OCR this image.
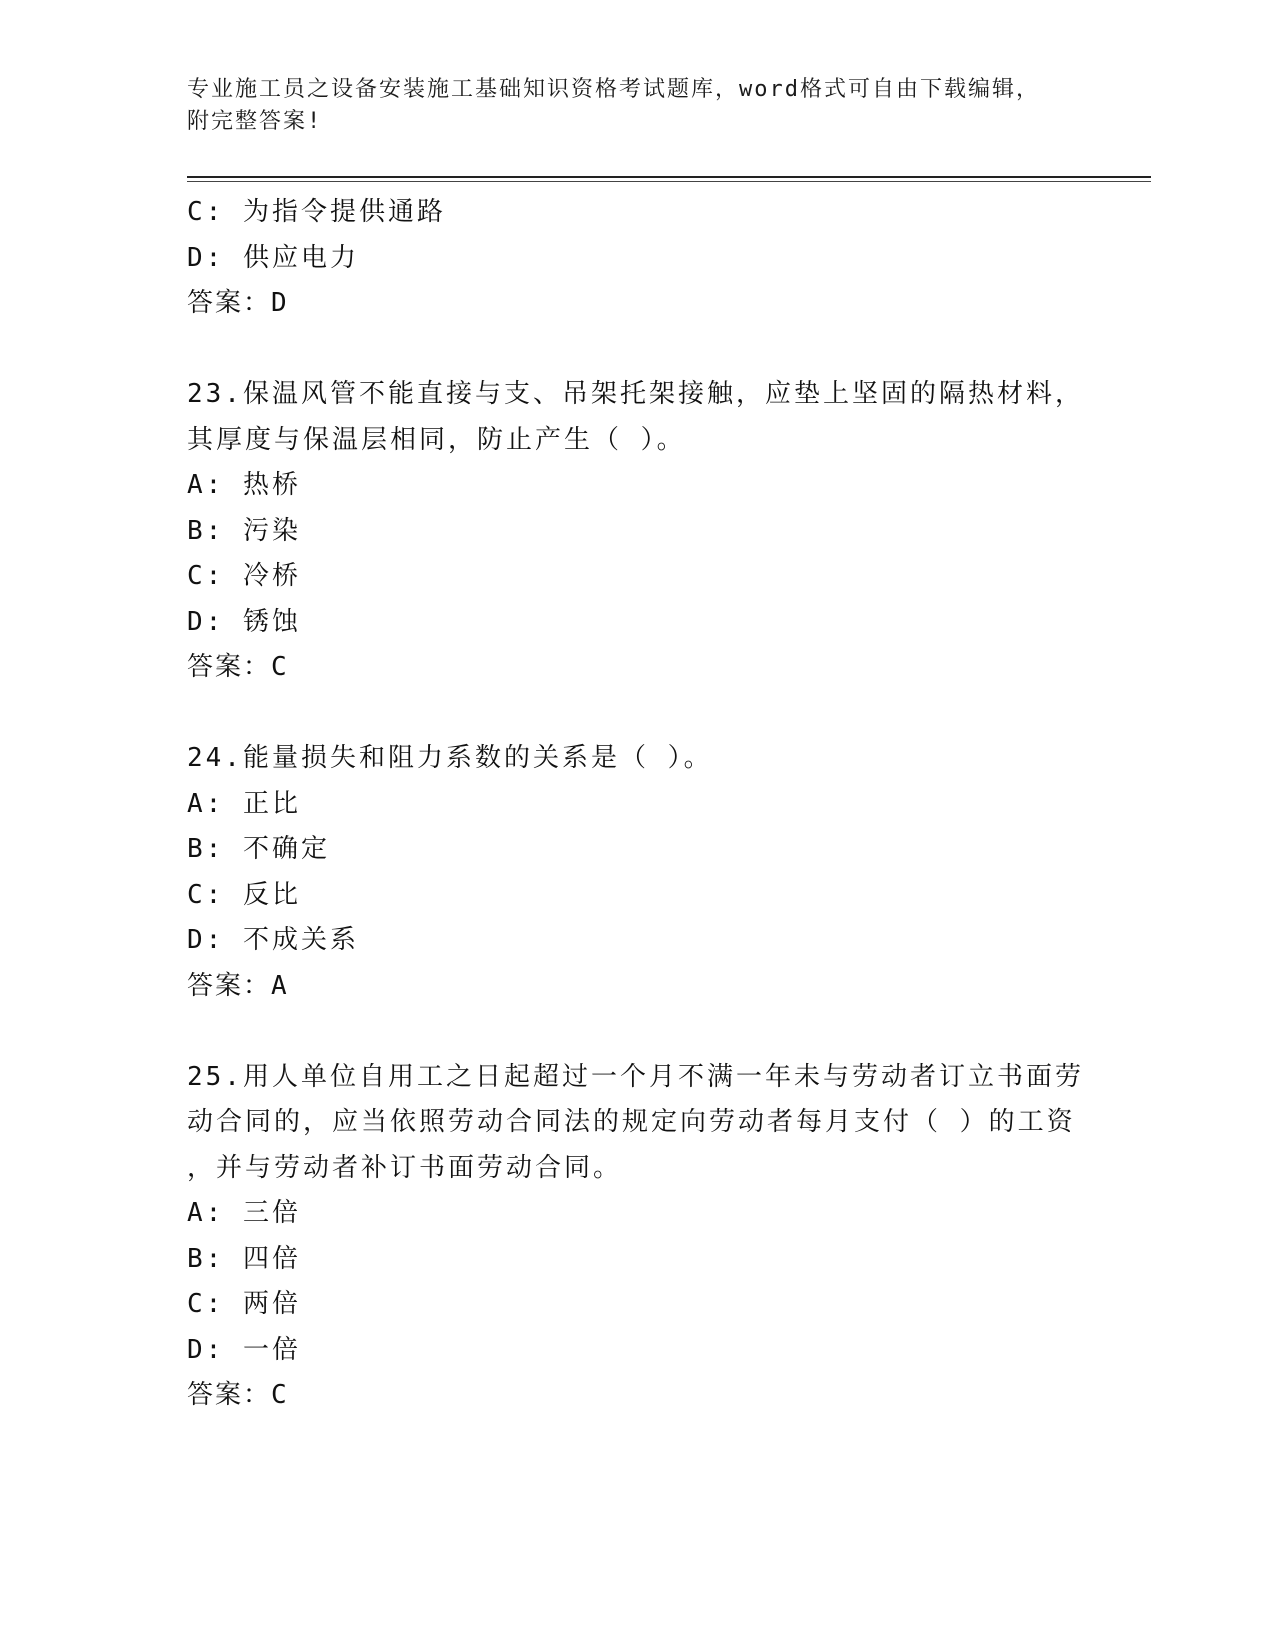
专业施工员之设备安装施工基础知识资格考试题库，word格式可自由下载编辑，
附完整答案!
C: 为指令提供通路
D: 供应电力
答案：D
23.保温风管不能直接与支、吊架托架接触，应垫上坚固的隔热材料，
其厚度与保温层相同，防止产生（ ）。
A: 热桥
B: 污染
C: 冷桥
D: 锈蚀
答案：C
24.能量损失和阻力系数的关系是（ ）。
A: 正比
B: 不确定
C: 反比
D: 不成关系
答案：A
25.用人单位自用工之日起超过一个月不满一年未与劳动者订立书面劳
动合同的，应当依照劳动合同法的规定向劳动者每月支付（ ）的工资
，并与劳动者补订书面劳动合同。
A: 三倍
B: 四倍
C: 两倍
D: 一倍
答案：C
